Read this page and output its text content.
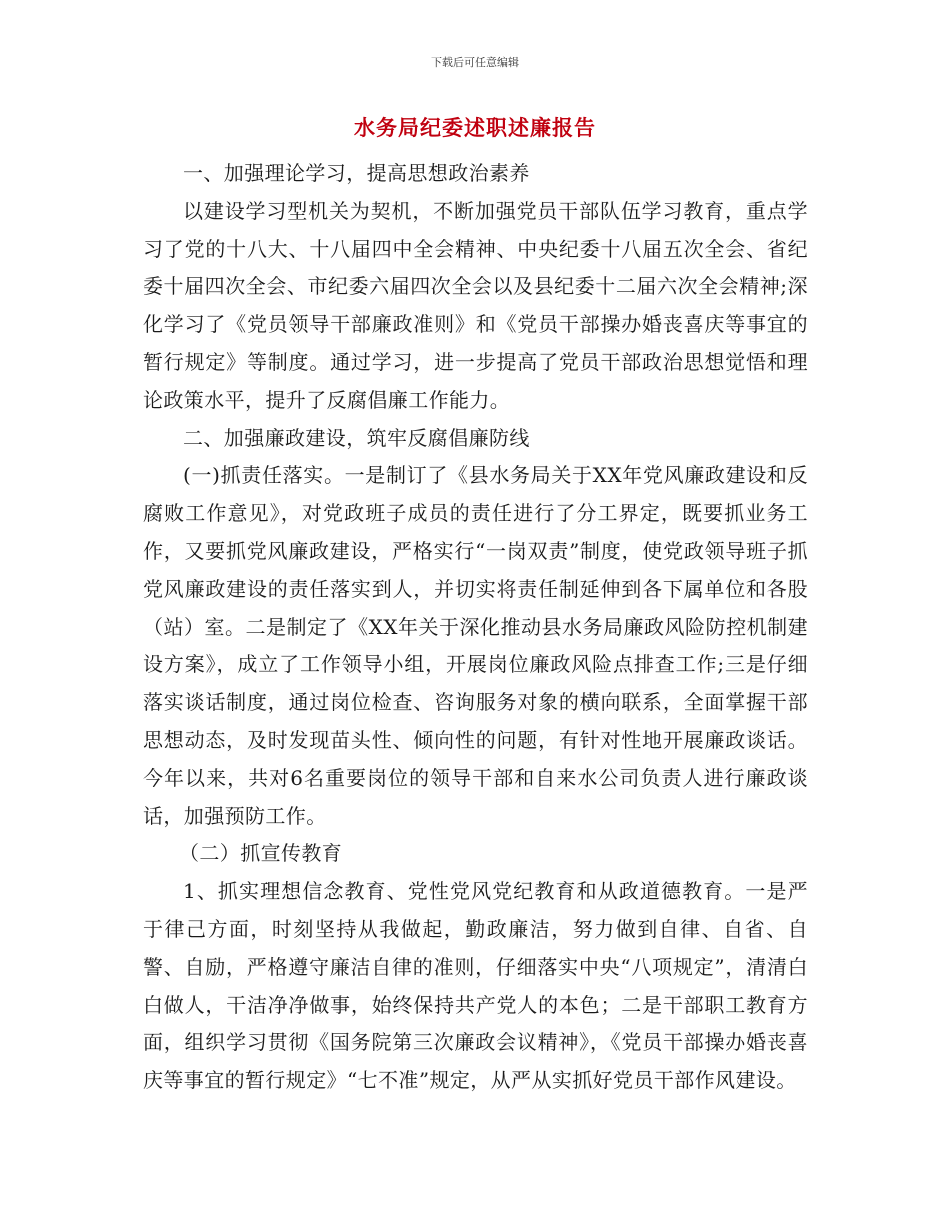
下载后可任意编辑
水务局纪委述职述廉报告

一、加强理论学习，提高思想政治素养

以建设学习型机关为契机，不断加强党员干部队伍学习教育，重点学习了党的十八大、十八届四中全会精神、中央纪委十八届五次全会、省纪委十届四次全会、市纪委六届四次全会以及县纪委十二届六次全会精神;深化学习了《党员领导干部廉政准则》和《党员干部操办婚丧喜庆等事宜的暂行规定》等制度。通过学习，进一步提高了党员干部政治思想觉悟和理论政策水平，提升了反腐倡廉工作能力。

二、加强廉政建设，筑牢反腐倡廉防线

(一)抓责任落实。一是制订了《县水务局关于XX年党风廉政建设和反腐败工作意见》，对党政班子成员的责任进行了分工界定，既要抓业务工作，又要抓党风廉政建设，严格实行“一岗双责”制度，使党政领导班子抓党风廉政建设的责任落实到人，并切实将责任制延伸到各下属单位和各股（站）室。二是制定了《XX年关于深化推动县水务局廉政风险防控机制建设方案》，成立了工作领导小组，开展岗位廉政风险点排查工作;三是仔细落实谈话制度，通过岗位检查、咨询服务对象的横向联系，全面掌握干部思想动态，及时发现苗头性、倾向性的问题，有针对性地开展廉政谈话。今年以来，共对6名重要岗位的领导干部和自来水公司负责人进行廉政谈话，加强预防工作。

（二）抓宣传教育

1、抓实理想信念教育、党性党风党纪教育和从政道德教育。一是严于律己方面，时刻坚持从我做起，勤政廉洁，努力做到自律、自省、自警、自励，严格遵守廉洁自律的准则，仔细落实中央“八项规定”，清清白白做人，干洁净净做事，始终保持共产党人的本色；二是干部职工教育方面，组织学习贯彻《国务院第三次廉政会议精神》，《党员干部操办婚丧喜庆等事宜的暂行规定》“七不准”规定，从严从实抓好党员干部作风建设。
